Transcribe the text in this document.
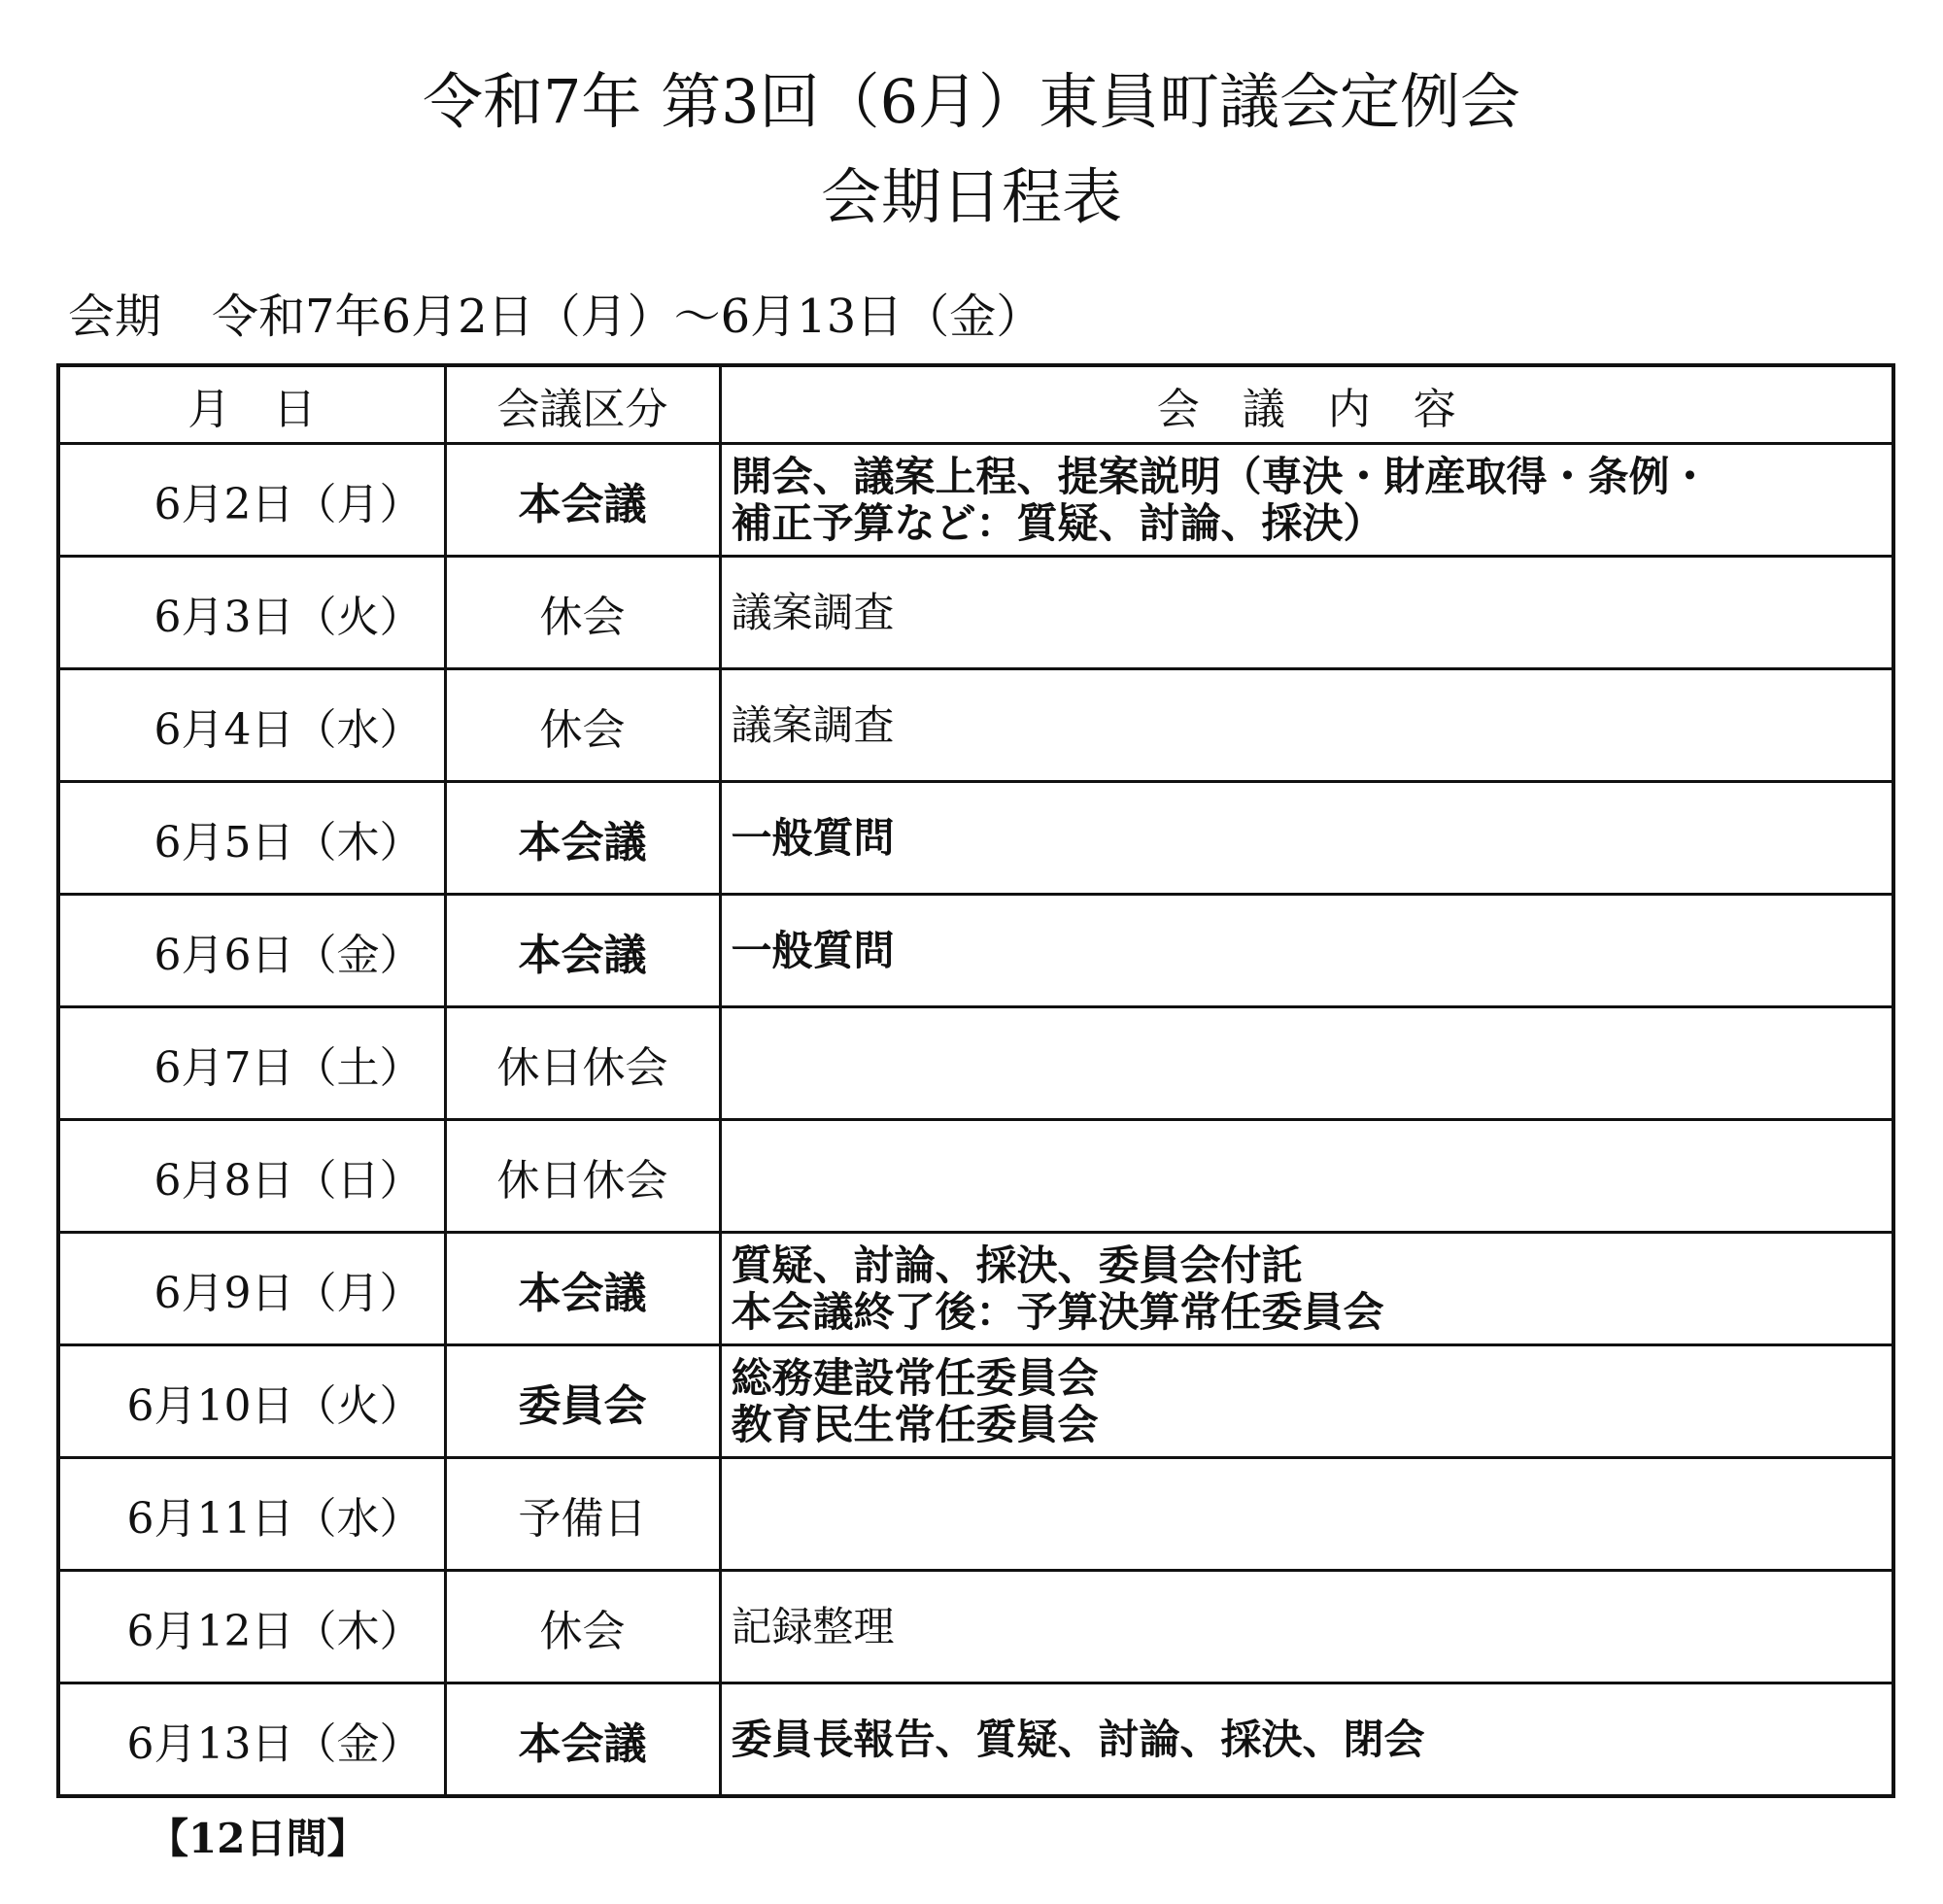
令和7年 第3回（6月）東員町議会定例会
会期日程表
会期 令和7年6月2日（月）～6月13日（金）
月　日	会議区分	会　議　内　容
6月2日（月）	本会議	開会、議案上程、提案説明（専決・財産取得・条例・
補正予算など：質疑、討論、採決）

6月3日（火）	休会	議案調査

6月4日（水）	休会	議案調査

6月5日（木）	本会議	一般質問

6月6日（金）	本会議	一般質問

6月7日（土）	休日休会	
6月8日（日）	休日休会	
6月9日（月）	本会議	質疑、討論、採決、委員会付託
本会議終了後：予算決算常任委員会

6月10日（火）	委員会	総務建設常任委員会
教育民生常任委員会

6月11日（水）	予備日	
6月12日（木）	休会	記録整理

6月13日（金）	本会議	委員長報告、質疑、討論、採決、閉会
【12日間】
